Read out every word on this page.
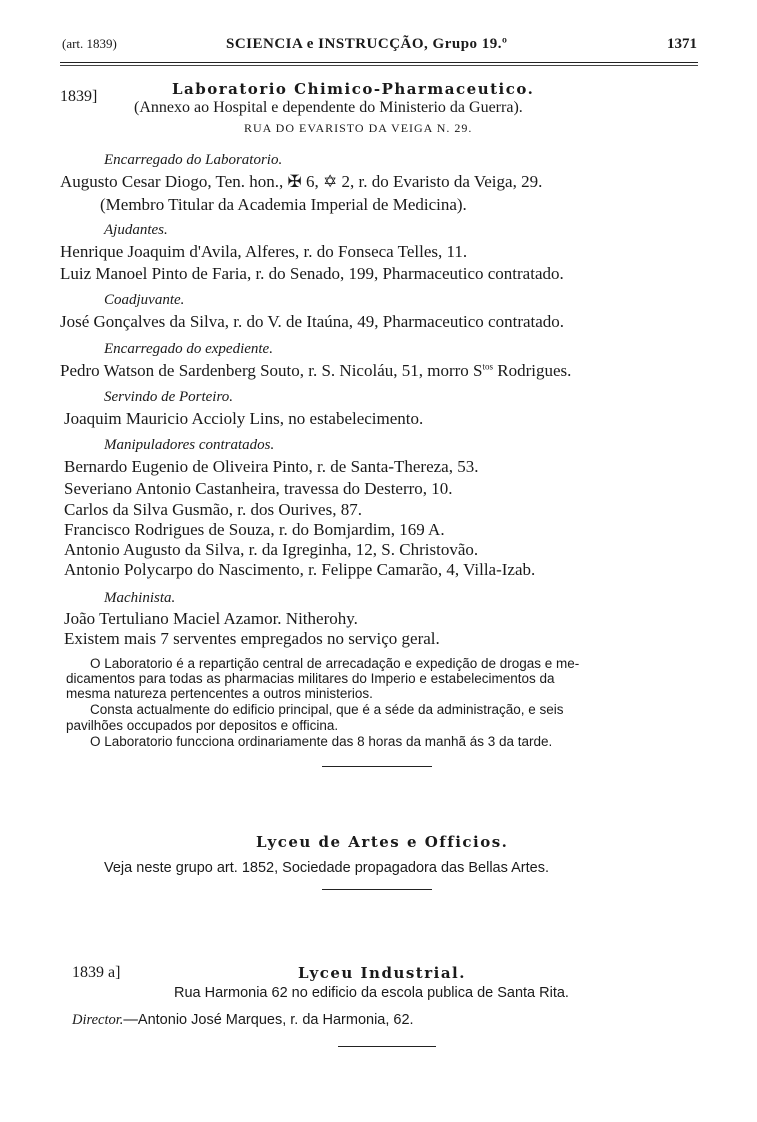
(art. 1839)	SCIENCIA e INSTRUCÇÃO, Grupo 19.º	1371
1839]	Laboratorio Chimico-Pharmaceutico.
(Annexo ao Hospital e dependente do Ministerio da Guerra).
RUA DO EVARISTO DA VEIGA N. 29.
Encarregado do Laboratorio.
Augusto Cesar Diogo, Ten. hon., ✠ 6, ✡ 2, r. do Evaristo da Veiga, 29.
(Membro Titular da Academia Imperial de Medicina).
Ajudantes.
Henrique Joaquim d'Avila, Alferes, r. do Fonseca Telles, 11.
Luiz Manoel Pinto de Faria, r. do Senado, 199, Pharmaceutico contratado.
Coadjuvante.
José Gonçalves da Silva, r. do V. de Itaúna, 49, Pharmaceutico contratado.
Encarregado do expediente.
Pedro Watson de Sardenberg Souto, r. S. Nicoláu, 51, morro $S^{tos}$ Rodrigues.
Servindo de Porteiro.
Joaquim Mauricio Accioly Lins, no estabelecimento.
Manipuladores contratados.
Bernardo Eugenio de Oliveira Pinto, r. de Santa-Thereza, 53.
Severiano Antonio Castanheira, travessa do Desterro, 10.
Carlos da Silva Gusmão, r. dos Ourives, 87.
Francisco Rodrigues de Souza, r. do Bomjardim, 169 A.
Antonio Augusto da Silva, r. da Igreginha, 12, S. Christovão.
Antonio Polycarpo do Nascimento, r. Felippe Camarão, 4, Villa-Izab.
Machinista.
João Tertuliano Maciel Azamor. Nitherohy.
Existem mais 7 serventes empregados no serviço geral.
O Laboratorio é a repartição central de arrecadação e expedição de drogas e me-
dicamentos para todas as pharmacias militares do Imperio e estabelecimentos da
mesma natureza pertencentes a outros ministerios.
Consta actualmente do edificio principal, que é a séde da administração, e seis
pavilhões occupados por depositos e officina.
O Laboratorio funcciona ordinariamente das 8 horas da manhã ás 3 da tarde.
Lyceu de Artes e Officios.
Veja neste grupo art. 1852, Sociedade propagadora das Bellas Artes.
1839 a]	Lyceu Industrial.
Rua Harmonia 62 no edificio da escola publica de Santa Rita.
Director.—Antonio José Marques, r. da Harmonia, 62.
